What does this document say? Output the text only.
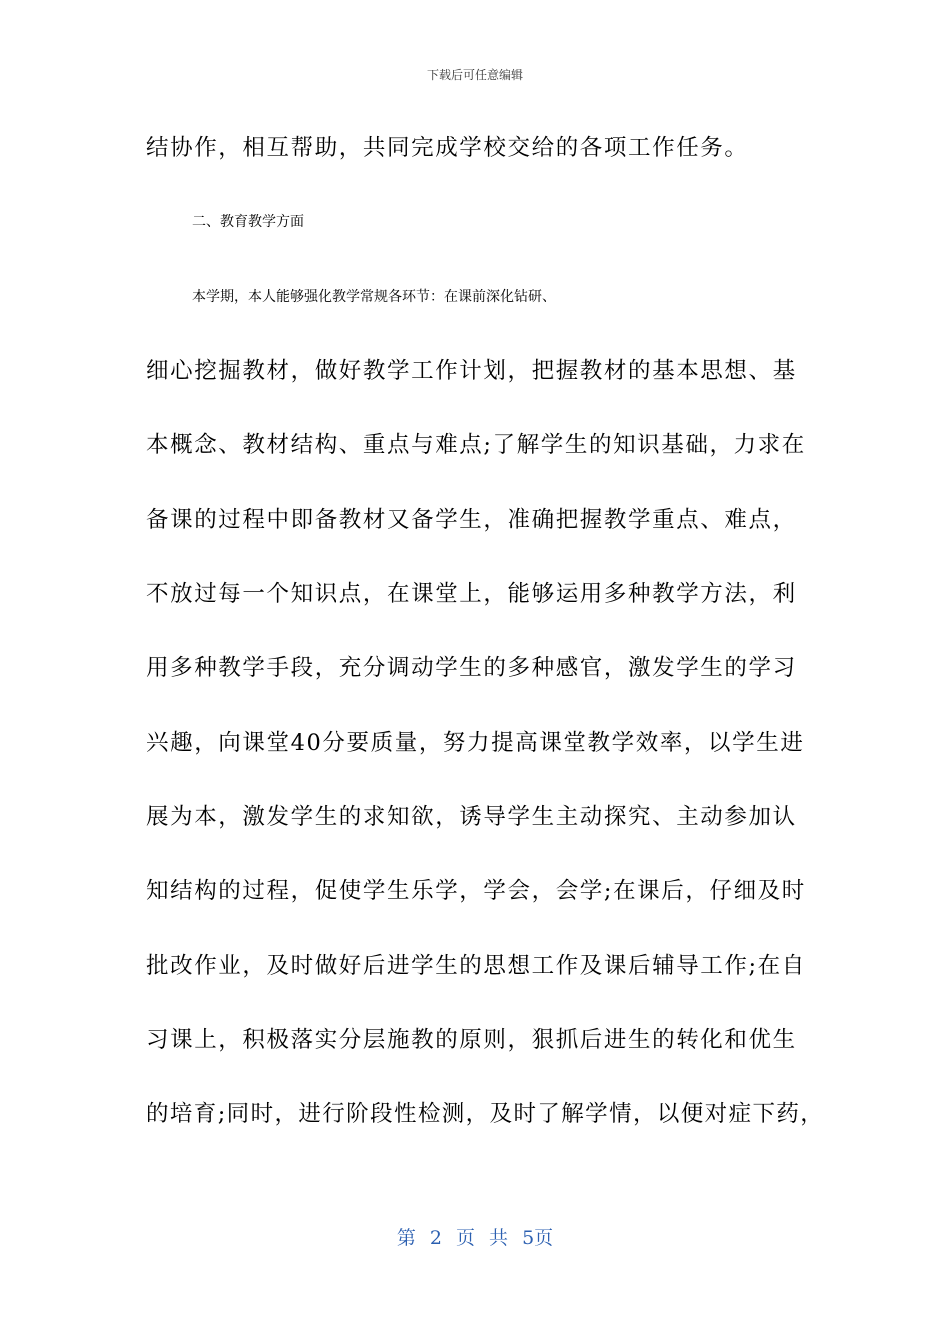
下载后可任意编辑
结协作，相互帮助，共同完成学校交给的各项工作任务。
二、教育教学方面
本学期，本人能够强化教学常规各环节：在课前深化钻研、
细心挖掘教材，做好教学工作计划，把握教材的基本思想、基
本概念、教材结构、重点与难点;了解学生的知识基础，力求在
备课的过程中即备教材又备学生，准确把握教学重点、难点，
不放过每一个知识点，在课堂上，能够运用多种教学方法，利
用多种教学手段，充分调动学生的多种感官，激发学生的学习
兴趣，向课堂40分要质量，努力提高课堂教学效率，以学生进
展为本，激发学生的求知欲，诱导学生主动探究、主动参加认
知结构的过程，促使学生乐学，学会，会学;在课后，仔细及时
批改作业，及时做好后进学生的思想工作及课后辅导工作;在自
习课上，积极落实分层施教的原则，狠抓后进生的转化和优生
的培育;同时，进行阶段性检测，及时了解学情，以便对症下药，
第 2 页 共 5页
